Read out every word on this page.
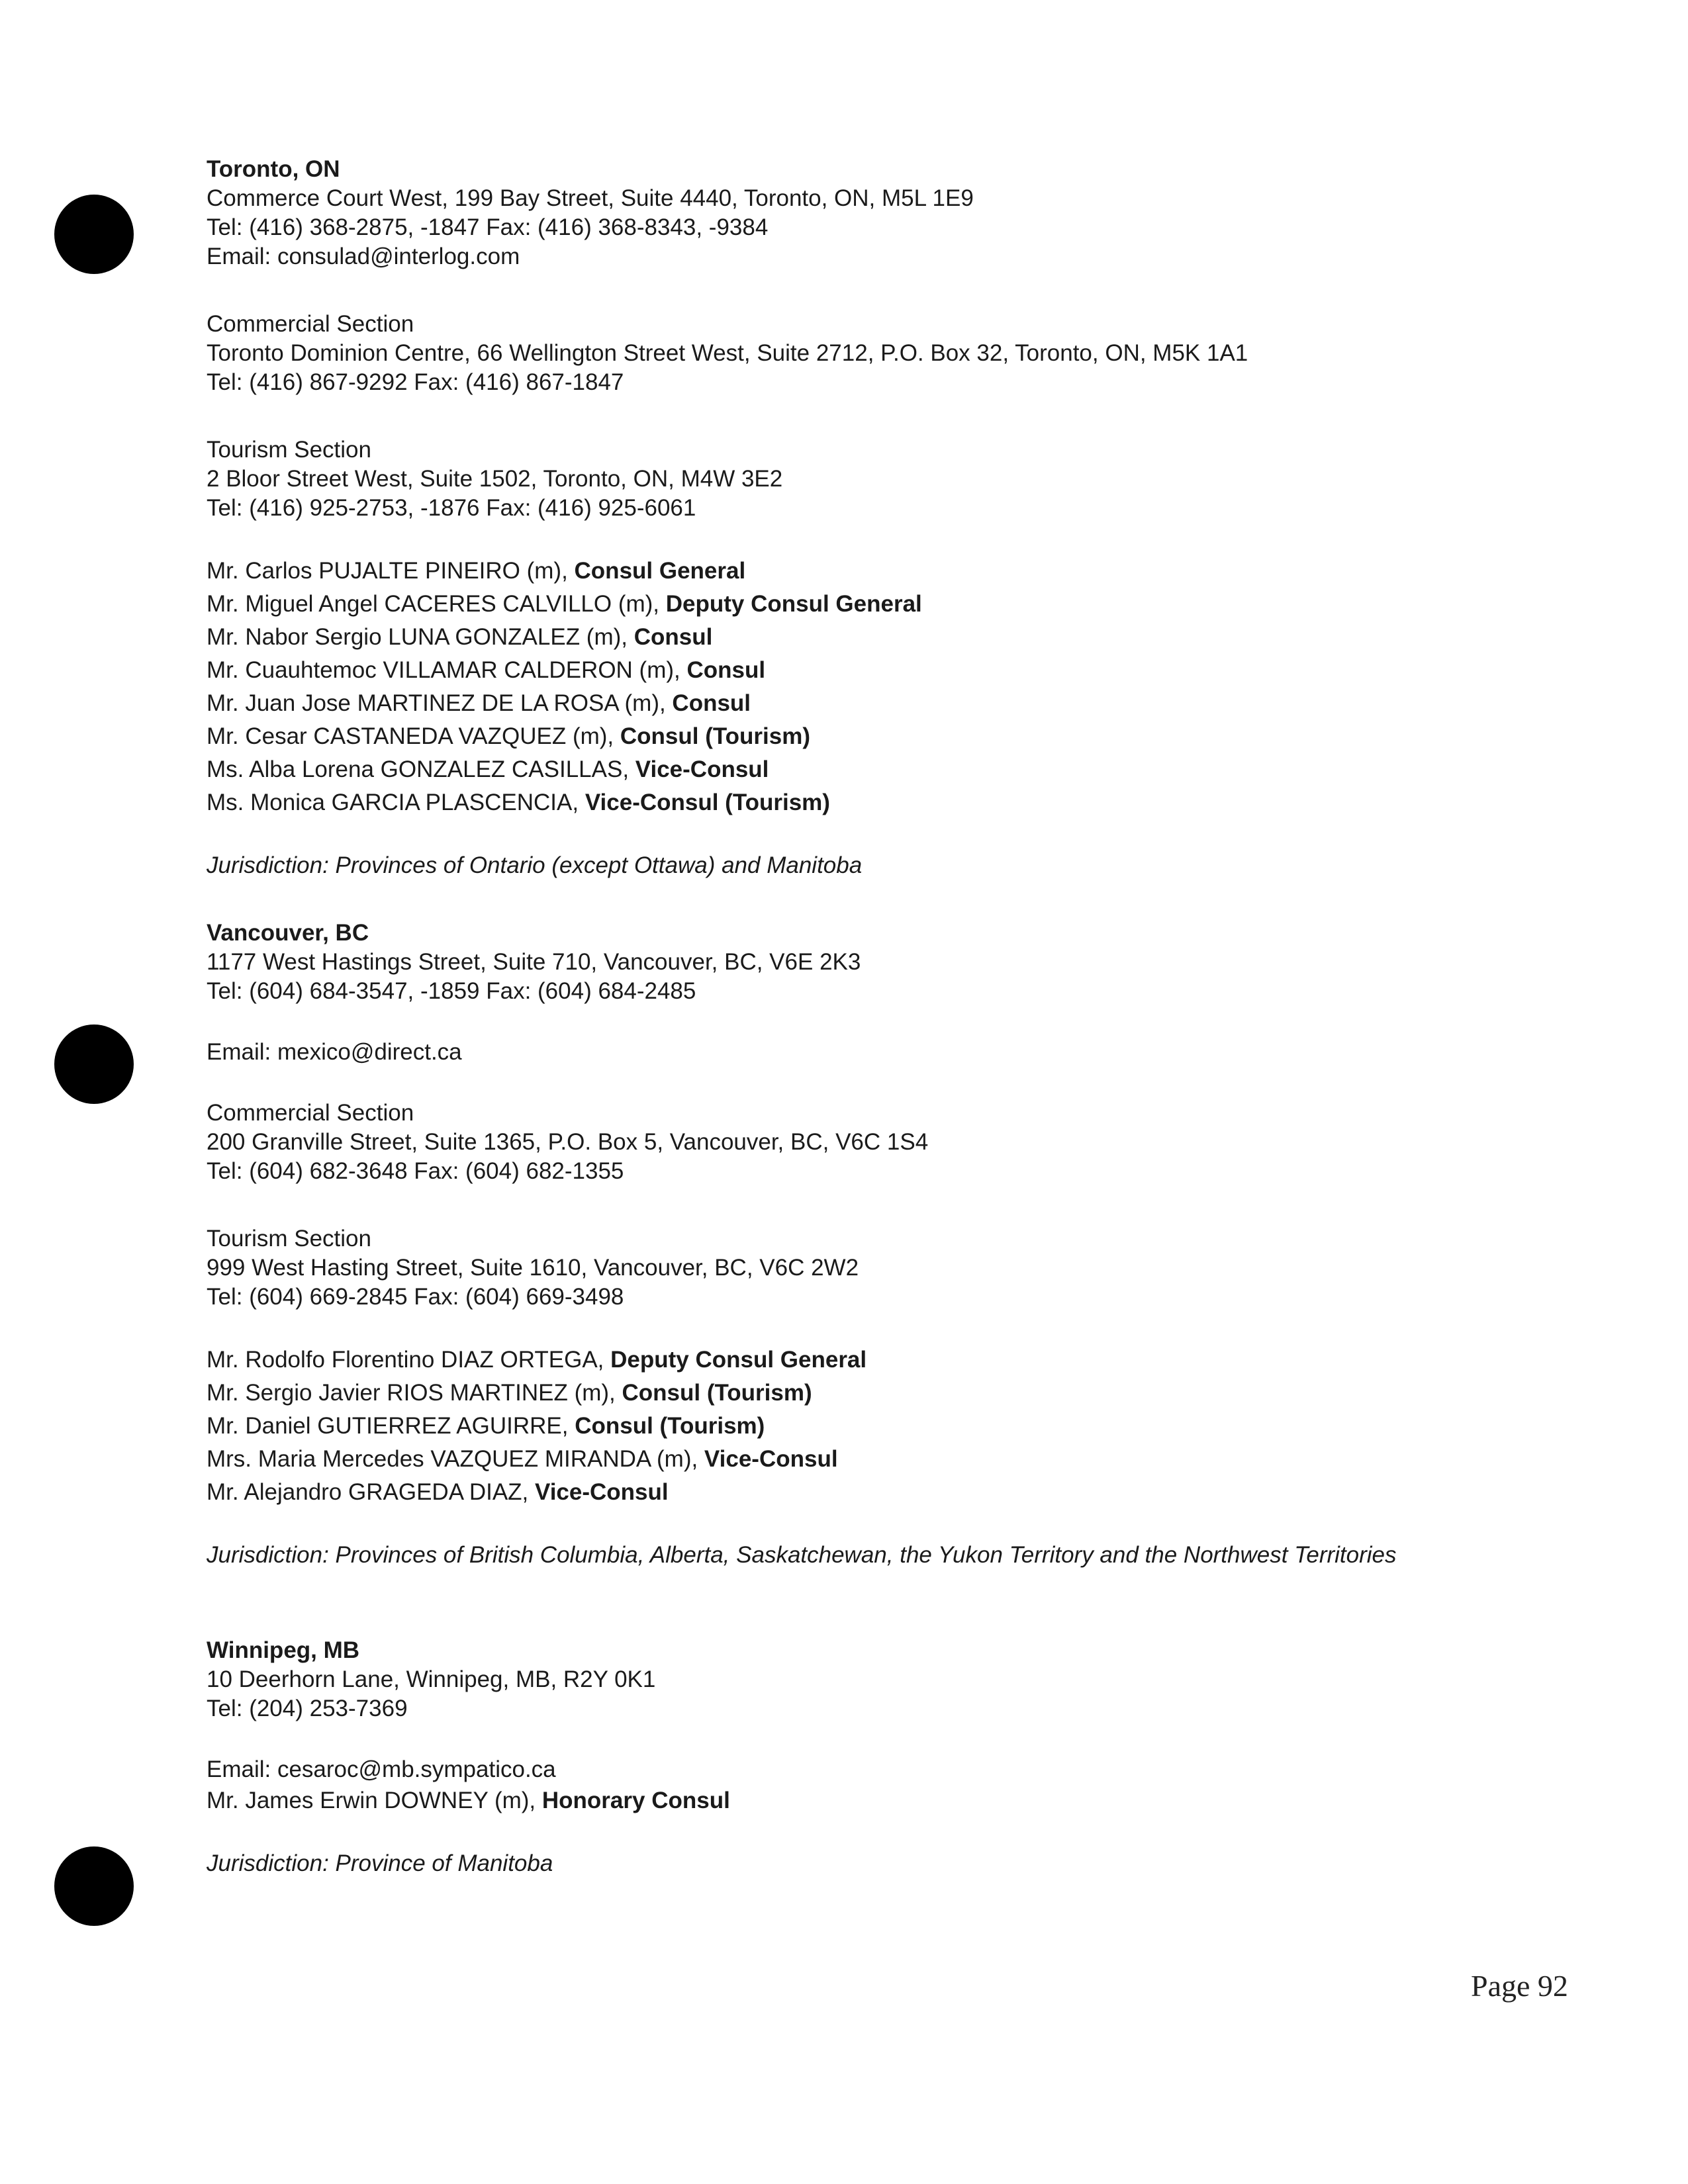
Toronto, ON
Commerce Court West, 199 Bay Street, Suite 4440, Toronto, ON, M5L 1E9
Tel: (416) 368-2875, -1847 Fax: (416) 368-8343, -9384
Email: consulad@interlog.com
Commercial Section
Toronto Dominion Centre, 66 Wellington Street West, Suite 2712, P.O. Box 32, Toronto, ON, M5K 1A1
Tel: (416) 867-9292 Fax: (416) 867-1847
Tourism Section
2 Bloor Street West, Suite 1502, Toronto, ON, M4W 3E2
Tel: (416) 925-2753, -1876 Fax: (416) 925-6061
Mr. Carlos PUJALTE PINEIRO (m), Consul General
Mr. Miguel Angel CACERES CALVILLO (m), Deputy Consul General
Mr. Nabor Sergio LUNA GONZALEZ (m), Consul
Mr. Cuauhtemoc VILLAMAR CALDERON (m), Consul
Mr. Juan Jose MARTINEZ DE LA ROSA (m), Consul
Mr. Cesar CASTANEDA VAZQUEZ (m), Consul (Tourism)
Ms. Alba Lorena GONZALEZ CASILLAS, Vice-Consul
Ms. Monica GARCIA PLASCENCIA, Vice-Consul (Tourism)
Jurisdiction: Provinces of Ontario (except Ottawa) and Manitoba
Vancouver, BC
1177 West Hastings Street, Suite 710, Vancouver, BC, V6E 2K3
Tel: (604) 684-3547, -1859 Fax: (604) 684-2485
Email: mexico@direct.ca
Commercial Section
200 Granville Street, Suite 1365, P.O. Box 5, Vancouver, BC, V6C 1S4
Tel: (604) 682-3648 Fax: (604) 682-1355
Tourism Section
999 West Hasting Street, Suite 1610, Vancouver, BC, V6C 2W2
Tel: (604) 669-2845 Fax: (604) 669-3498
Mr. Rodolfo Florentino DIAZ ORTEGA, Deputy Consul General
Mr. Sergio Javier RIOS MARTINEZ (m), Consul (Tourism)
Mr. Daniel GUTIERREZ AGUIRRE, Consul (Tourism)
Mrs. Maria Mercedes VAZQUEZ MIRANDA (m), Vice-Consul
Mr. Alejandro GRAGEDA DIAZ, Vice-Consul
Jurisdiction: Provinces of British Columbia, Alberta, Saskatchewan, the Yukon Territory and the Northwest Territories
Winnipeg, MB
10 Deerhorn Lane, Winnipeg, MB, R2Y 0K1
Tel: (204) 253-7369
Email: cesaroc@mb.sympatico.ca
Mr. James Erwin DOWNEY (m), Honorary Consul
Jurisdiction: Province of Manitoba
Page 92
